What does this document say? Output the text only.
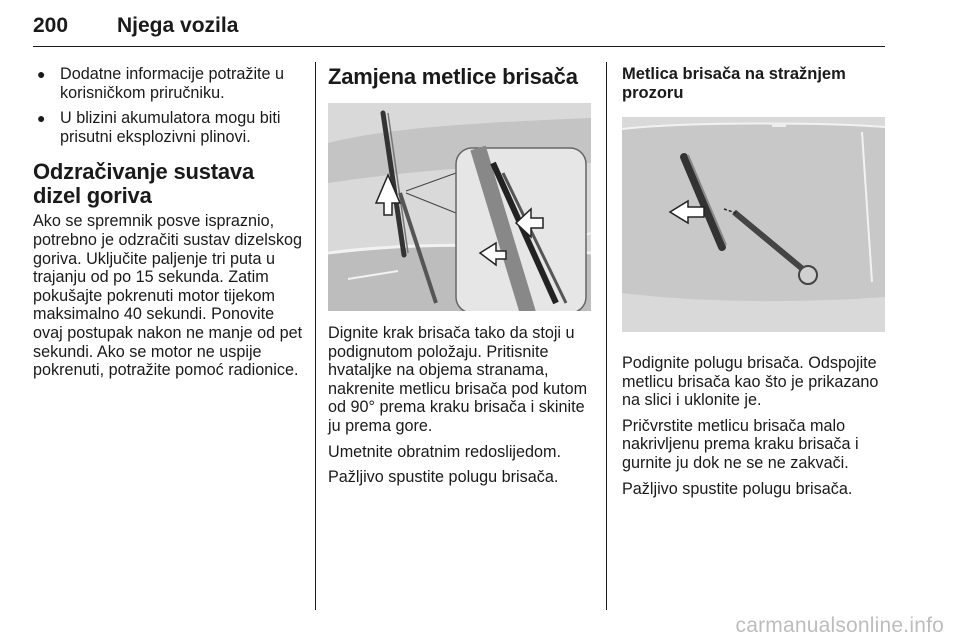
200 Njega vozila
● Dodatne informacije potražite u korisničkom priručniku.
● U blizini akumulatora mogu biti prisutni eksplozivni plinovi.
Odzračivanje sustava dizel goriva

Ako se spremnik posve ispraznio, potrebno je odzračiti sustav dizelskog goriva. Uključite paljenje tri puta u trajanju od po 15 sekunda. Zatim pokušajte pokrenuti motor tijekom maksimalno 40 sekundi. Ponovite ovaj postupak nakon ne manje od pet sekundi. Ako se motor ne uspije pokrenuti, potražite pomoć radionice.

Zamjena metlice brisača

Dignite krak brisača tako da stoji u podignutom položaju. Pritisnite hvataljke na objema stranama, nakrenite metlicu brisača pod kutom od 90° prema kraku brisača i skinite ju prema gore.

Umetnite obratnim redoslijedom.

Pažljivo spustite polugu brisača.

Metlica brisača na stražnjem prozoru

Podignite polugu brisača. Odspojite metlicu brisača kao što je prikazano na slici i uklonite je.

Pričvrstite metlicu brisača malo nakrivljenu prema kraku brisača i gurnite ju dok ne se ne zakvači.

Pažljivo spustite polugu brisača.

carmanualsonline.info
